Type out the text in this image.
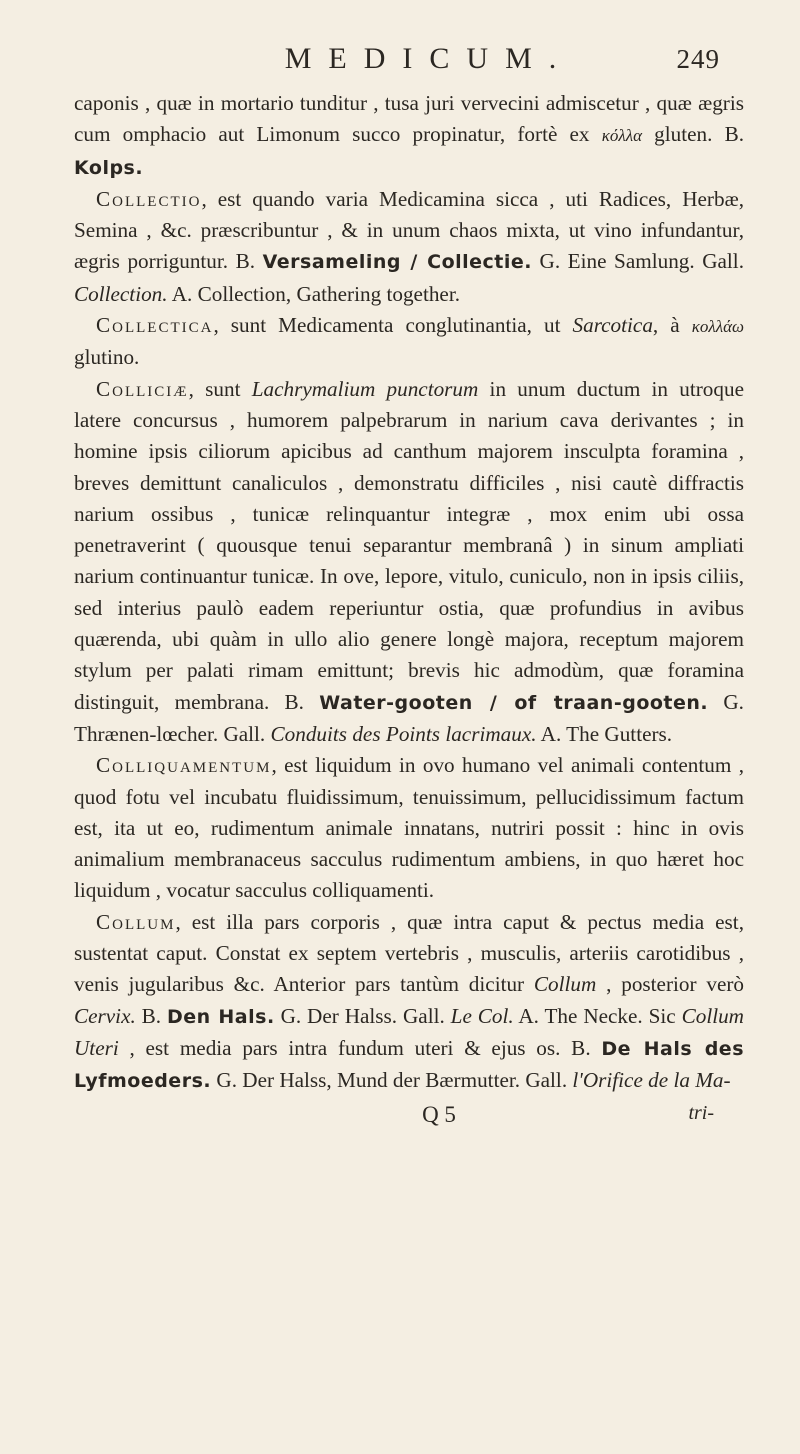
MEDICUM.	249

caponis , quæ in mortario tunditur , tusa juri vervecini admiscetur , quæ ægris cum omphacio aut Limonum succo propinatur, fortè ex κόλλα gluten. B. Kolps.

Collectio, est quando varia Medicamina sicca , uti Radices, Herbæ, Semina , &c. præscribuntur , & in unum chaos mixta, ut vino infundantur, ægris porriguntur. B. Versameling / Collectie. G. Eine Samlung. Gall. Collection. A. Collection, Gathering together.

Collectica, sunt Medicamenta conglutinantia, ut Sarcotica, à κολλάω glutino.

Colliciæ, sunt Lachrymalium punctorum in unum ductum in utroque latere concursus , humorem palpebrarum in narium cava derivantes ; in homine ipsis ciliorum apicibus ad canthum majorem insculpta foramina , breves demittunt canaliculos , demonstratu difficiles , nisi cautè diffractis narium ossibus , tunicæ relinquantur integræ , mox enim ubi ossa penetraverint ( quousque tenui separantur membranâ ) in sinum ampliati narium continuantur tunicæ. In ove, lepore, vitulo, cuniculo, non in ipsis ciliis, sed interius paulò eadem reperiuntur ostia, quæ profundius in avibus quærenda, ubi quàm in ullo alio genere longè majora, receptum majorem stylum per palati rimam emittunt; brevis hic admodùm, quæ foramina distinguit, membrana. B. Water-gooten / of traan-gooten. G. Thrænen-lœcher. Gall. Conduits des Points lacrimaux. A. The Gutters.

Colliquamentum, est liquidum in ovo humano vel animali contentum , quod fotu vel incubatu fluidissimum, tenuissimum, pellucidissimum factum est, ita ut eo, rudimentum animale innatans, nutriri possit : hinc in ovis animalium membranaceus sacculus rudimentum ambiens, in quo hæret hoc liquidum , vocatur sacculus colliquamenti.

Collum, est illa pars corporis , quæ intra caput & pectus media est, sustentat caput. Constat ex septem vertebris , musculis, arteriis carotidibus , venis jugularibus &c. Anterior pars tantùm dicitur Collum , posterior verò Cervix. B. Den Hals. G. Der Halss. Gall. Le Col. A. The Necke. Sic Collum Uteri , est media pars intra fundum uteri & ejus os. B. De Hals des Lyfmoeders. G. Der Halss, Mund der Bærmutter. Gall. l'Orifice de la Ma-

Q 5	tri-
